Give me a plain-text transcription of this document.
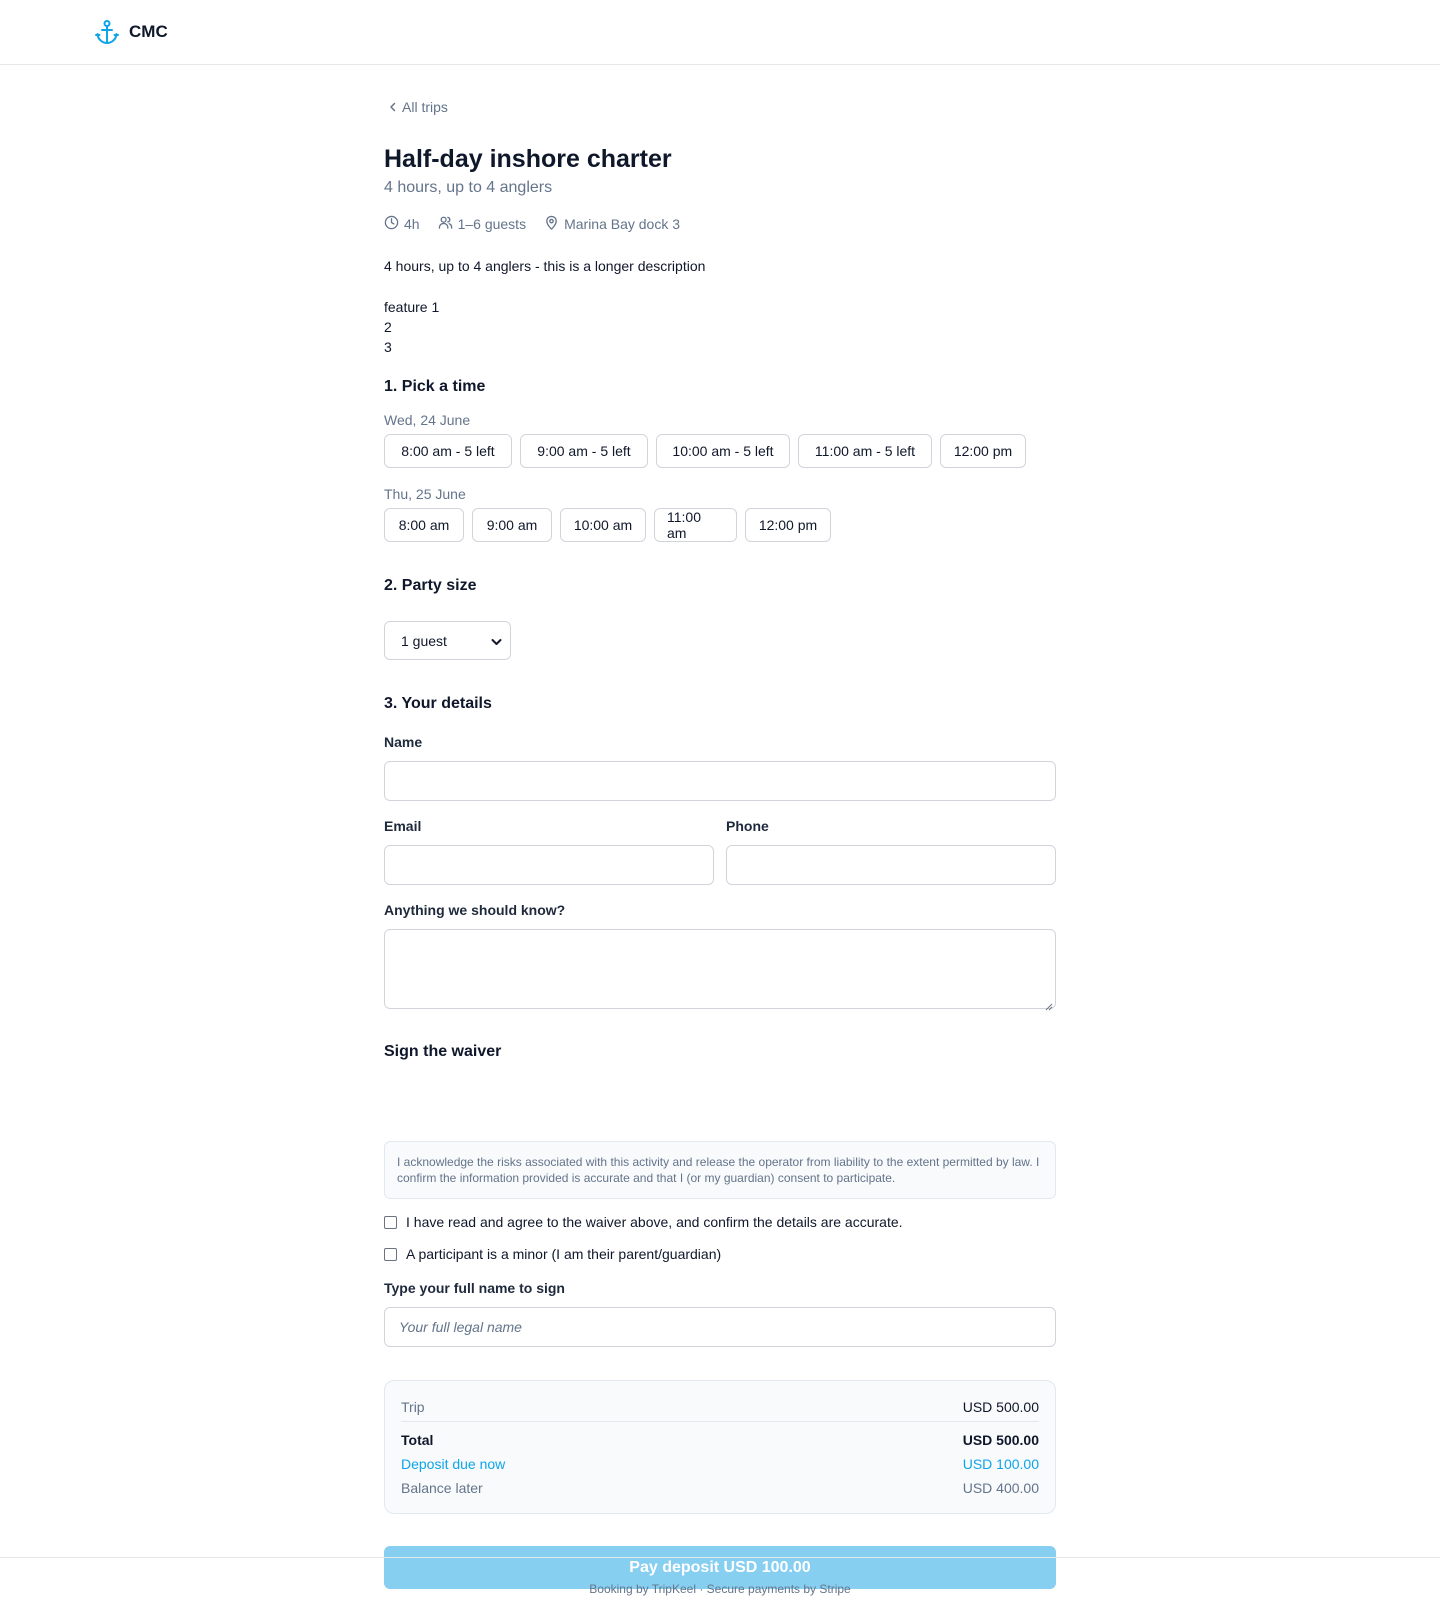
CMC
All trips
Half-day inshore charter
4 hours, up to 4 anglers
4h	1–6 guests	Marina Bay dock 3
4 hours, up to 4 anglers - this is a longer description
feature 1
2
3
1. Pick a time
Wed, 24 June
8:00 am - 5 left	9:00 am - 5 left	10:00 am - 5 left	11:00 am - 5 left	12:00 pm
Thu, 25 June
8:00 am	9:00 am	10:00 am	11:00 am	12:00 pm
2. Party size
1 guest
3. Your details
Name
Email	Phone
Anything we should know?
Sign the waiver
I acknowledge the risks associated with this activity and release the operator from liability to the extent permitted by law. I confirm the information provided is accurate and that I (or my guardian) consent to participate.
I have read and agree to the waiver above, and confirm the details are accurate.
A participant is a minor (I am their parent/guardian)
Type your full name to sign
Your full legal name
Trip	USD 500.00
Total	USD 500.00
Deposit due now	USD 100.00
Balance later	USD 400.00
Pay deposit USD 100.00
Booking by TripKeel · Secure payments by Stripe
